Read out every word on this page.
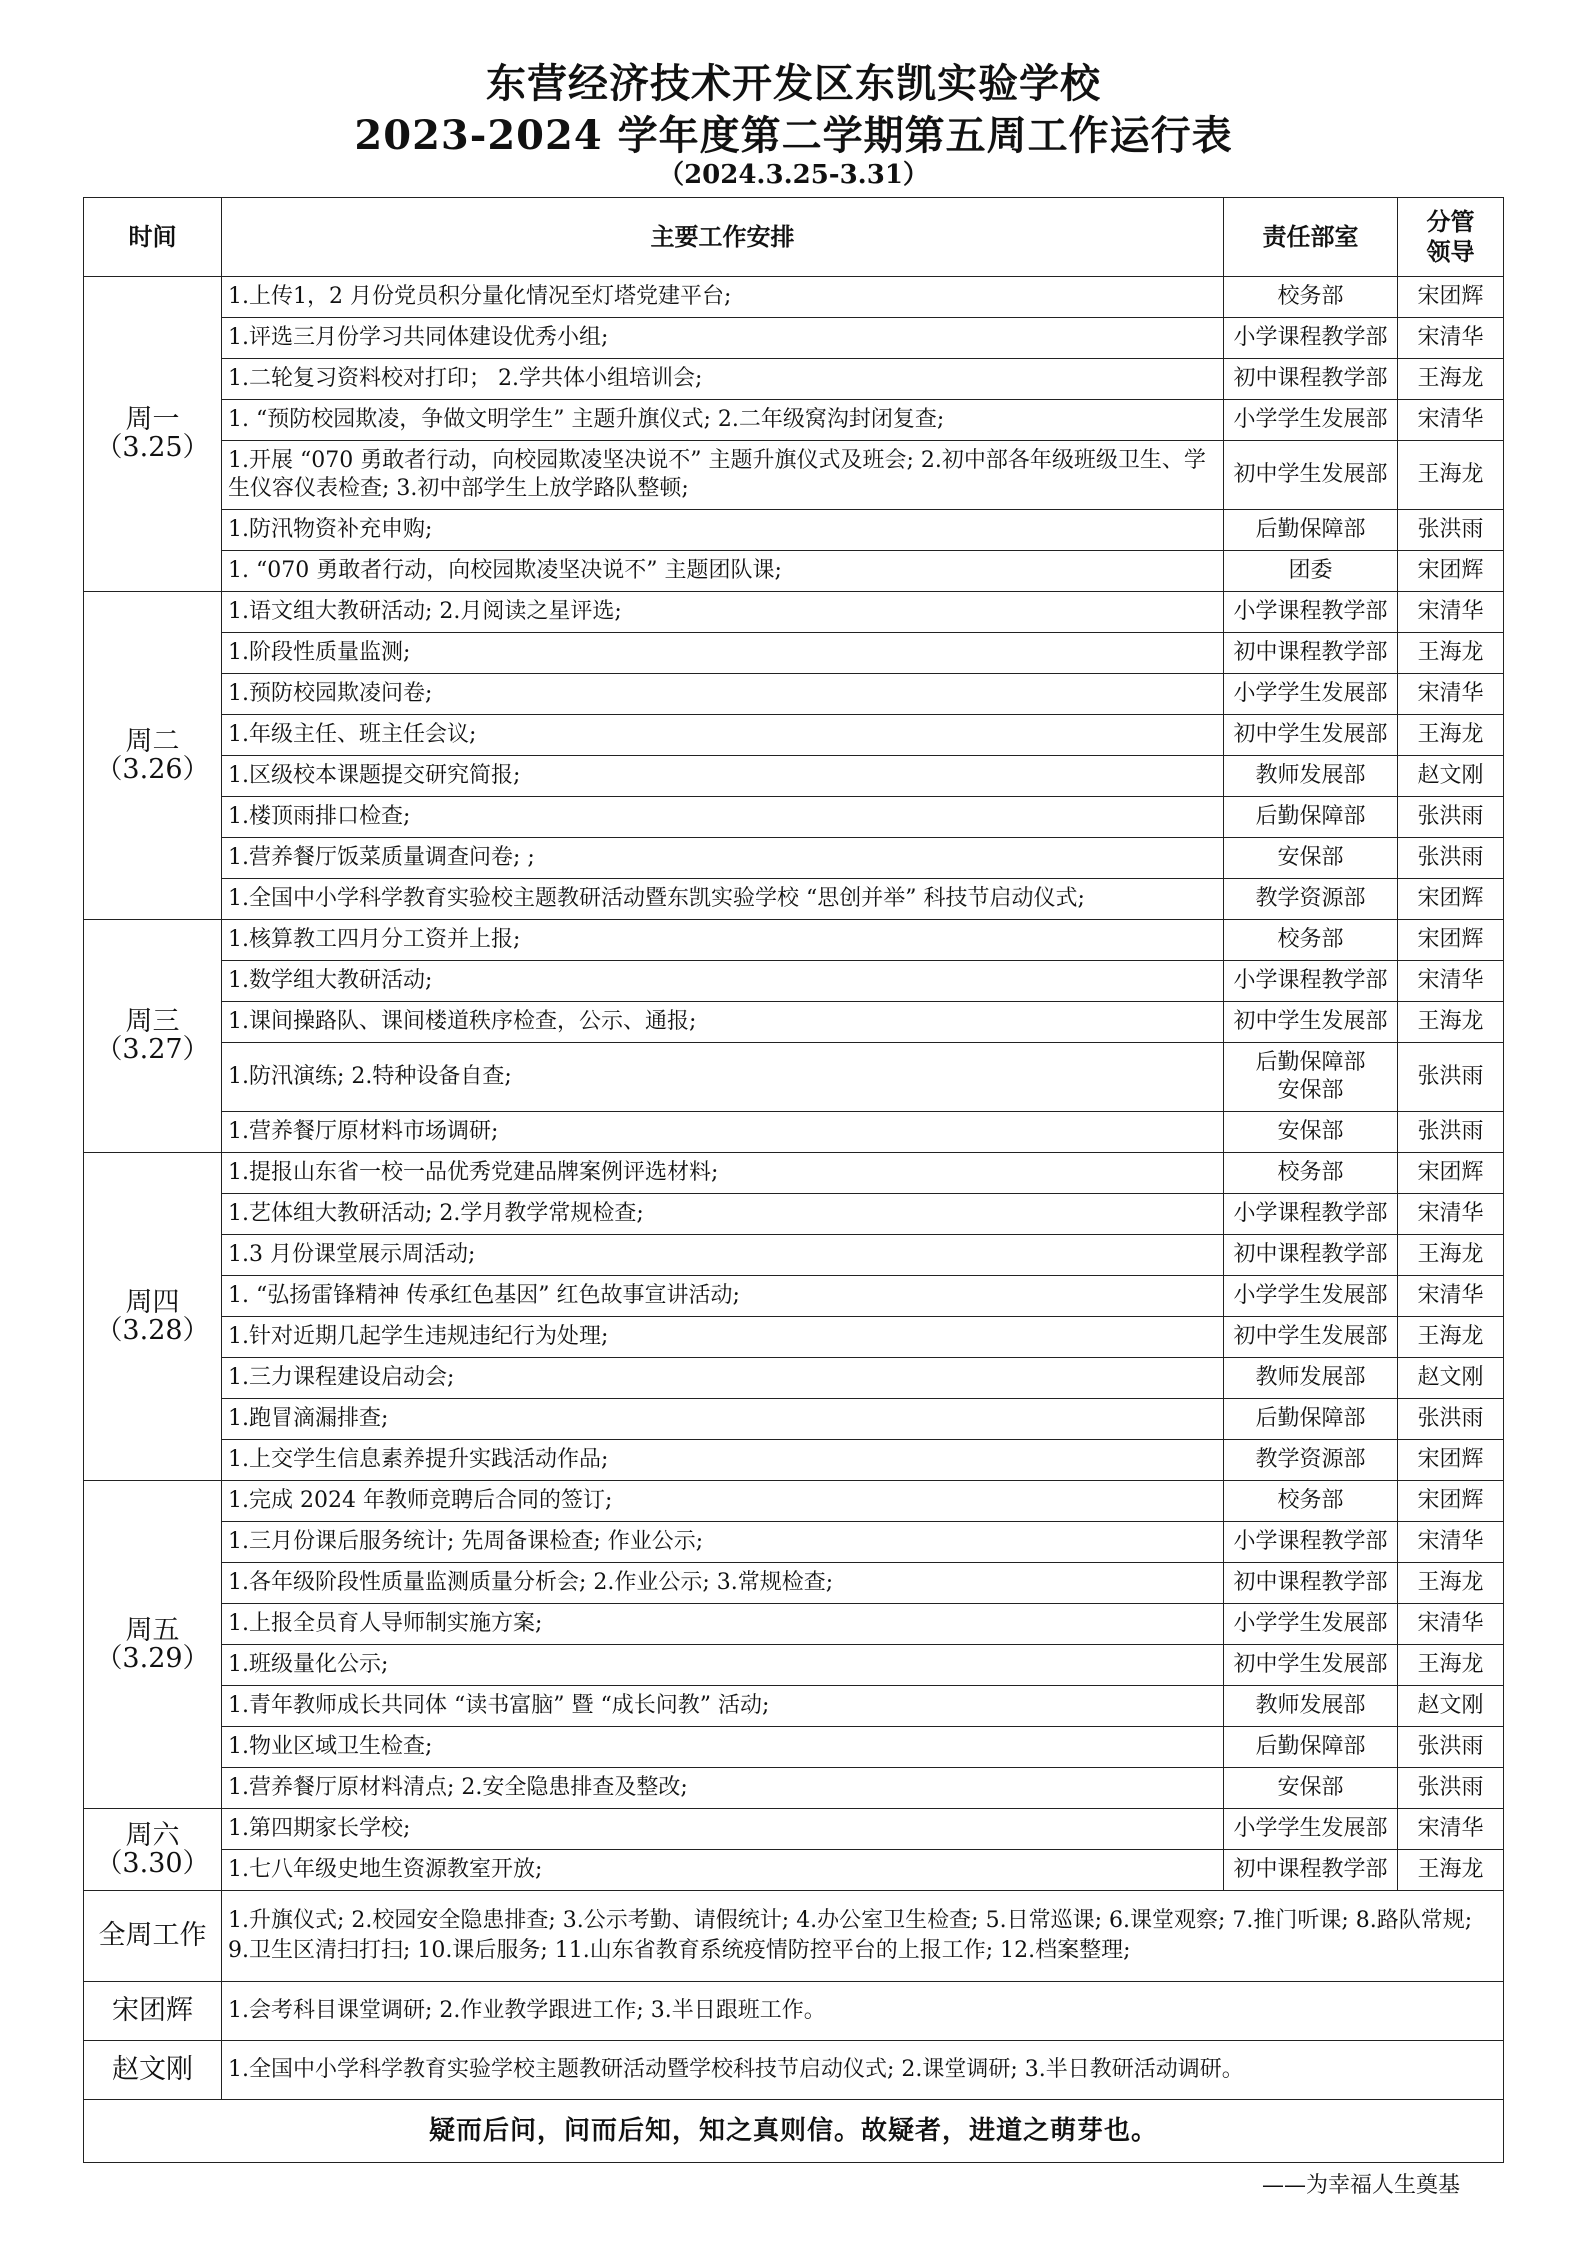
东营经济技术开发区东凯实验学校
2023-2024 学年度第二学期第五周工作运行表
（2024.3.25-3.31）
时间	主要工作安排	责任部室	分管领导

周一
（3.25）	1.上传1，2 月份党员积分量化情况至灯塔党建平台;	校务部	宋团辉
	1.评选三月份学习共同体建设优秀小组;	小学课程教学部	宋清华
	1.二轮复习资料校对打印； 2.学共体小组培训会;	初中课程教学部	王海龙
	1. “预防校园欺凌，争做文明学生” 主题升旗仪式; 2.二年级窝沟封闭复查;	小学学生发展部	宋清华
	1.开展 “070 勇敢者行动，向校园欺凌坚决说不” 主题升旗仪式及班会; 2.初中部各年级班级卫生、学生仪容仪表检查; 3.初中部学生上放学路队整顿;	初中学生发展部	王海龙
	1.防汛物资补充申购;	后勤保障部	张洪雨
	1. “070 勇敢者行动，向校园欺凌坚决说不” 主题团队课;	团委	宋团辉

周二
（3.26）	1.语文组大教研活动; 2.月阅读之星评选;	小学课程教学部	宋清华
	1.阶段性质量监测;	初中课程教学部	王海龙
	1.预防校园欺凌问卷;	小学学生发展部	宋清华
	1.年级主任、班主任会议;	初中学生发展部	王海龙
	1.区级校本课题提交研究简报;	教师发展部	赵文刚
	1.楼顶雨排口检查;	后勤保障部	张洪雨
	1.营养餐厅饭菜质量调查问卷; ;	安保部	张洪雨
	1.全国中小学科学教育实验校主题教研活动暨东凯实验学校 “思创并举” 科技节启动仪式;	教学资源部	宋团辉

周三
（3.27）	1.核算教工四月分工资并上报;	校务部	宋团辉
	1.数学组大教研活动;	小学课程教学部	宋清华
	1.课间操路队、课间楼道秩序检查，公示、通报;	初中学生发展部	王海龙
	1.防汛演练; 2.特种设备自查;	后勤保障部
安保部	张洪雨
	1.营养餐厅原材料市场调研;	安保部	张洪雨

周四
（3.28）	1.提报山东省一校一品优秀党建品牌案例评选材料;	校务部	宋团辉
	1.艺体组大教研活动; 2.学月教学常规检查;	小学课程教学部	宋清华
	1.3 月份课堂展示周活动;	初中课程教学部	王海龙
	1. “弘扬雷锋精神 传承红色基因” 红色故事宣讲活动;	小学学生发展部	宋清华
	1.针对近期几起学生违规违纪行为处理;	初中学生发展部	王海龙
	1.三力课程建设启动会;	教师发展部	赵文刚
	1.跑冒滴漏排查;	后勤保障部	张洪雨
	1.上交学生信息素养提升实践活动作品;	教学资源部	宋团辉

周五
（3.29）	1.完成 2024 年教师竞聘后合同的签订;	校务部	宋团辉
	1.三月份课后服务统计; 先周备课检查; 作业公示;	小学课程教学部	宋清华
	1.各年级阶段性质量监测质量分析会; 2.作业公示; 3.常规检查;	初中课程教学部	王海龙
	1.上报全员育人导师制实施方案;	小学学生发展部	宋清华
	1.班级量化公示;	初中学生发展部	王海龙
	1.青年教师成长共同体 “读书富脑” 暨 “成长问教” 活动;	教师发展部	赵文刚
	1.物业区域卫生检查;	后勤保障部	张洪雨
	1.营养餐厅原材料清点; 2.安全隐患排查及整改;	安保部	张洪雨

周六
（3.30）	1.第四期家长学校;	小学学生发展部	宋清华
	1.七八年级史地生资源教室开放;	初中课程教学部	王海龙
全周工作	1.升旗仪式; 2.校园安全隐患排查; 3.公示考勤、请假统计; 4.办公室卫生检查; 5.日常巡课; 6.课堂观察; 7.推门听课; 8.路队常规; 9.卫生区清扫打扫; 10.课后服务; 11.山东省教育系统疫情防控平台的上报工作; 12.档案整理;		
宋团辉	1.会考科目课堂调研; 2.作业教学跟进工作; 3.半日跟班工作。		
赵文刚	1.全国中小学科学教育实验学校主题教研活动暨学校科技节启动仪式; 2.课堂调研; 3.半日教研活动调研。		
疑而后问，问而后知，知之真则信。故疑者，进道之萌芽也。			
——为幸福人生奠基
